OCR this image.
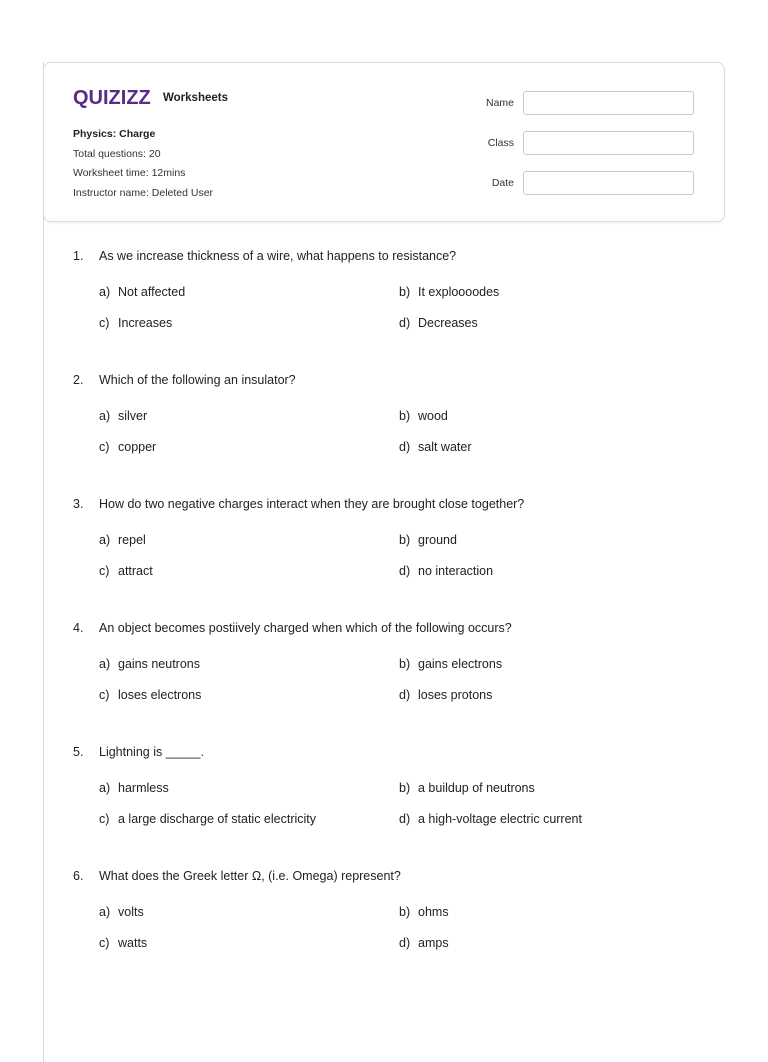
QUIZIZZ Worksheets
Physics: Charge
Total questions: 20
Worksheet time: 12mins
Instructor name: Deleted User
Name
Class
Date
1.	As we increase thickness of a wire, what happens to resistance?
a) Not affected	b) It exploooodes
c) Increases	d) Decreases
2.	Which of the following an insulator?
a) silver	b) wood
c) copper	d) salt water
3.	How do two negative charges interact when they are brought close together?
a) repel	b) ground
c) attract	d) no interaction
4.	An object becomes postiively charged when which of the following occurs?
a) gains neutrons	b) gains electrons
c) loses electrons	d) loses protons
5.	Lightning is _____.
a) harmless	b) a buildup of neutrons
c) a large discharge of static electricity	d) a high-voltage electric current
6.	What does the Greek letter Ω, (i.e. Omega) represent?
a) volts	b) ohms
c) watts	d) amps
